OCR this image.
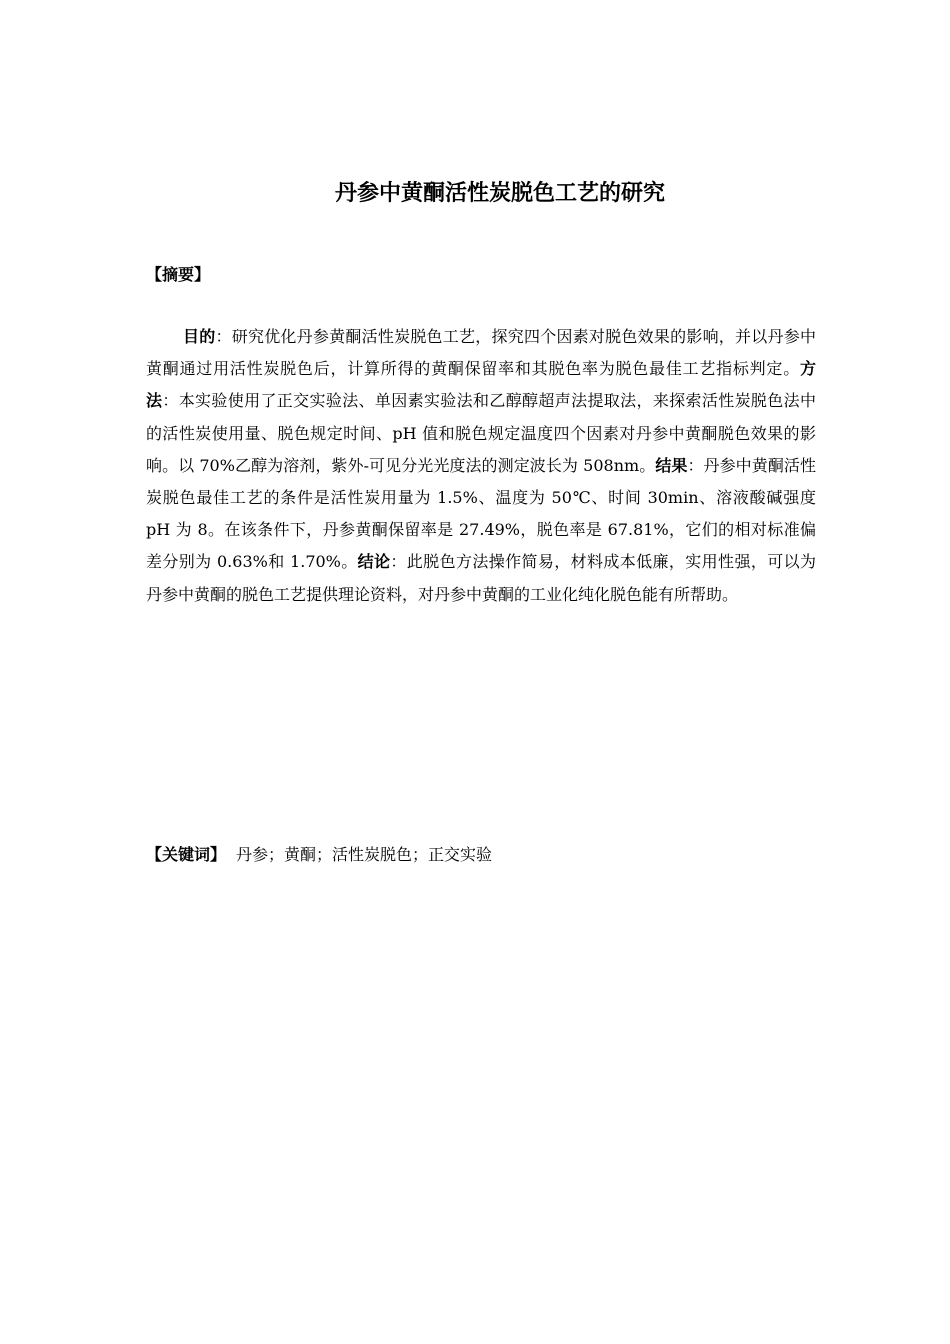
丹参中黄酮活性炭脱色工艺的研究
【摘要】

目的：研究优化丹参黄酮活性炭脱色工艺，探究四个因素对脱色效果的影响，并以丹参中黄酮通过用活性炭脱色后，计算所得的黄酮保留率和其脱色率为脱色最佳工艺指标判定。方法：本实验使用了正交实验法、单因素实验法和乙醇醇超声法提取法，来探索活性炭脱色法中的活性炭使用量、脱色规定时间、pH 值和脱色规定温度四个因素对丹参中黄酮脱色效果的影响。以 70%乙醇为溶剂，紫外-可见分光光度法的测定波长为 508nm。结果：丹参中黄酮活性炭脱色最佳工艺的条件是活性炭用量为 1.5%、温度为 50℃、时间 30min、溶液酸碱强度 pH 为 8。在该条件下，丹参黄酮保留率是 27.49%，脱色率是 67.81%，它们的相对标准偏差分别为 0.63%和 1.70%。结论：此脱色方法操作简易，材料成本低廉，实用性强，可以为丹参中黄酮的脱色工艺提供理论资料，对丹参中黄酮的工业化纯化脱色能有所帮助。

【关键词】 丹参；黄酮；活性炭脱色；正交实验
